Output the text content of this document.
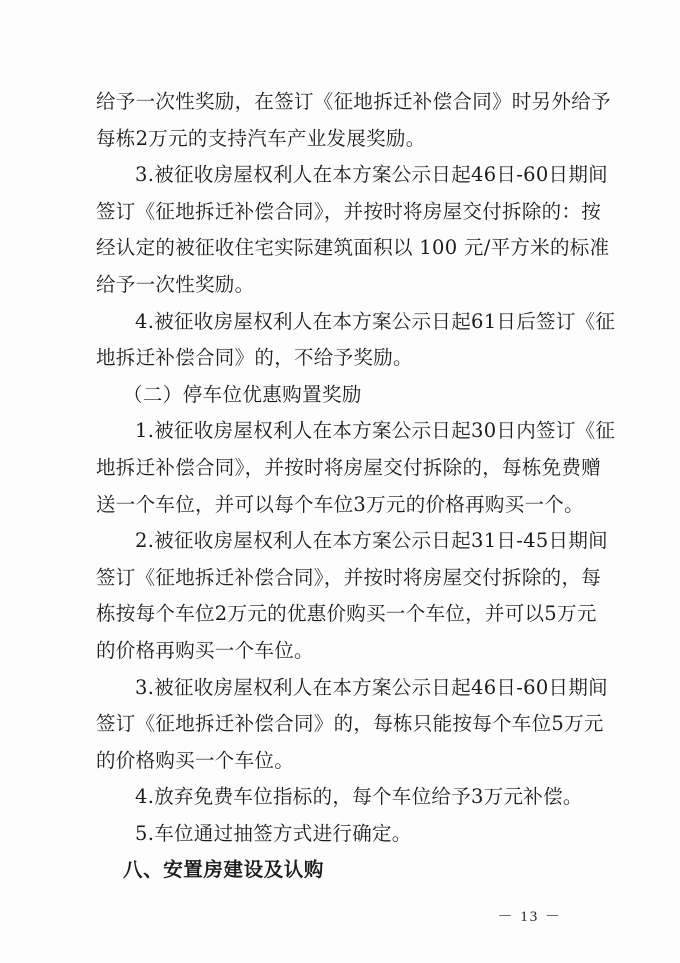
给予一次性奖励，在签订《征地拆迁补偿合同》时另外给予

每栋2万元的支持汽车产业发展奖励。

3.被征收房屋权利人在本方案公示日起46日-60日期间

签订《征地拆迁补偿合同》，并按时将房屋交付拆除的：按

经认定的被征收住宅实际建筑面积以 100 元/平方米的标准

给予一次性奖励。

4.被征收房屋权利人在本方案公示日起61日后签订《征

地拆迁补偿合同》的，不给予奖励。

（二）停车位优惠购置奖励

1.被征收房屋权利人在本方案公示日起30日内签订《征

地拆迁补偿合同》，并按时将房屋交付拆除的，每栋免费赠

送一个车位，并可以每个车位3万元的价格再购买一个。

2.被征收房屋权利人在本方案公示日起31日-45日期间

签订《征地拆迁补偿合同》，并按时将房屋交付拆除的，每

栋按每个车位2万元的优惠价购买一个车位，并可以5万元

的价格再购买一个车位。

3.被征收房屋权利人在本方案公示日起46日-60日期间

签订《征地拆迁补偿合同》的，每栋只能按每个车位5万元

的价格购买一个车位。

4.放弃免费车位指标的，每个车位给予3万元补偿。

5.车位通过抽签方式进行确定。

八、安置房建设及认购

－ 13 －
